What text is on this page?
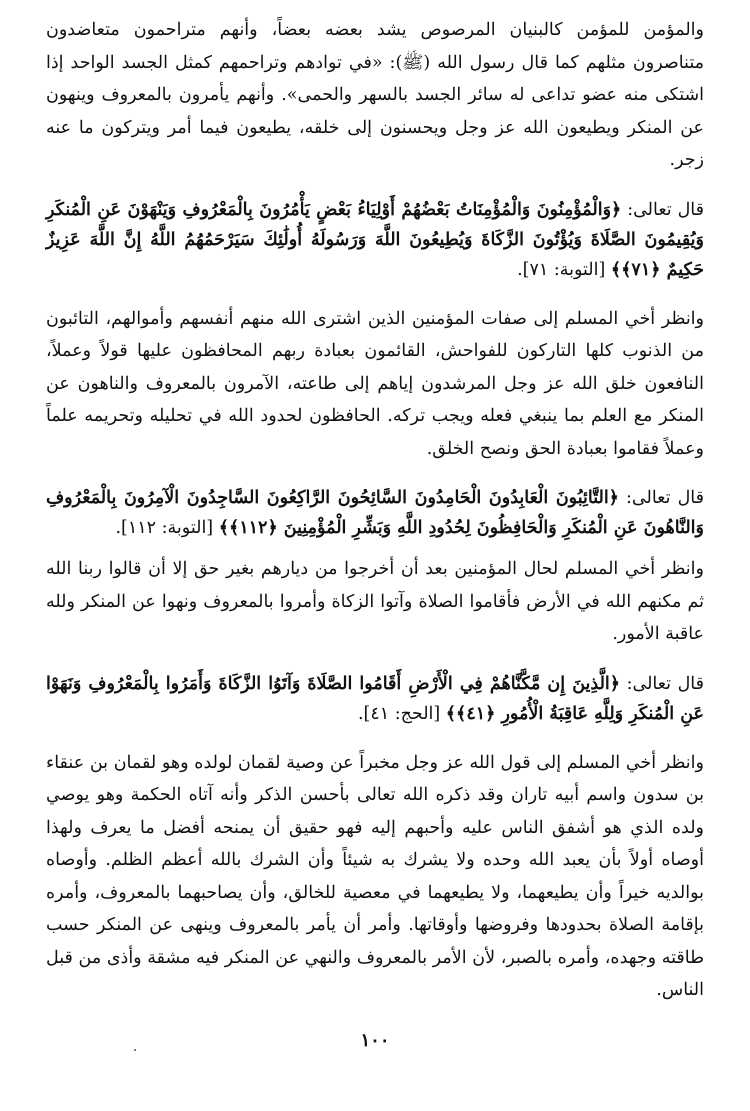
والمؤمن للمؤمن كالبنيان المرصوص يشد بعضه بعضاً، وأنهم متراحمون متعاضدون متناصرون مثلهم كما قال رسول الله (ﷺ): «في توادهم وتراحمهم كمثل الجسد الواحد إذا اشتكى منه عضو تداعى له سائر الجسد بالسهر والحمى». وأنهم يأمرون بالمعروف وينهون عن المنكر ويطيعون الله عز وجل ويحسنون إلى خلقه، يطيعون فيما أمر ويتركون ما عنه زجر.

قال تعالى: ﴿وَالْمُؤْمِنُونَ وَالْمُؤْمِنَاتُ بَعْضُهُمْ أَوْلِيَاءُ بَعْضٍ يَأْمُرُونَ بِالْمَعْرُوفِ وَيَنْهَوْنَ عَنِ الْمُنكَرِ وَيُقِيمُونَ الصَّلَاةَ وَيُؤْتُونَ الزَّكَاةَ وَيُطِيعُونَ اللَّهَ وَرَسُولَهُ أُولَٰئِكَ سَيَرْحَمُهُمُ اللَّهُ إِنَّ اللَّهَ عَزِيزٌ حَكِيمٌ ﴿٧١﴾﴾ [التوبة: ٧١].

وانظر أخي المسلم إلى صفات المؤمنين الذين اشترى الله منهم أنفسهم وأموالهم، التائبون من الذنوب كلها التاركون للفواحش، القائمون بعبادة ربهم المحافظون عليها قولاً وعملاً، النافعون خلق الله عز وجل المرشدون إياهم إلى طاعته، الآمرون بالمعروف والناهون عن المنكر مع العلم بما ينبغي فعله ويجب تركه. الحافظون لحدود الله في تحليله وتحريمه علماً وعملاً فقاموا بعبادة الحق ونصح الخلق.

قال تعالى: ﴿التَّائِبُونَ الْعَابِدُونَ الْحَامِدُونَ السَّائِحُونَ الرَّاكِعُونَ السَّاجِدُونَ الْآمِرُونَ بِالْمَعْرُوفِ وَالنَّاهُونَ عَنِ الْمُنكَرِ وَالْحَافِظُونَ لِحُدُودِ اللَّهِ وَبَشِّرِ الْمُؤْمِنِينَ ﴿١١٢﴾﴾ [التوبة: ١١٢].

وانظر أخي المسلم لحال المؤمنين بعد أن أخرجوا من ديارهم بغير حق إلا أن قالوا ربنا الله ثم مكنهم الله في الأرض فأقاموا الصلاة وآتوا الزكاة وأمروا بالمعروف ونهوا عن المنكر ولله عاقبة الأمور.

قال تعالى: ﴿الَّذِينَ إِن مَّكَّنَّاهُمْ فِي الْأَرْضِ أَقَامُوا الصَّلَاةَ وَآتَوُا الزَّكَاةَ وَأَمَرُوا بِالْمَعْرُوفِ وَنَهَوْا عَنِ الْمُنكَرِ وَلِلَّهِ عَاقِبَةُ الْأُمُورِ ﴿٤١﴾﴾ [الحج: ٤١].

وانظر أخي المسلم إلى قول الله عز وجل مخبراً عن وصية لقمان لولده وهو لقمان بن عنقاء بن سدون واسم أبيه تاران وقد ذكره الله تعالى بأحسن الذكر وأنه آتاه الحكمة وهو يوصي ولده الذي هو أشفق الناس عليه وأحبهم إليه فهو حقيق أن يمنحه أفضل ما يعرف ولهذا أوصاه أولاً بأن يعبد الله وحده ولا يشرك به شيئاً وأن الشرك بالله أعظم الظلم. وأوصاه بوالديه خيراً وأن يطيعهما، ولا يطيعهما في معصية للخالق، وأن يصاحبهما بالمعروف، وأمره بإقامة الصلاة بحدودها وفروضها وأوقاتها. وأمر أن يأمر بالمعروف وينهى عن المنكر حسب طاقته وجهده، وأمره بالصبر، لأن الأمر بالمعروف والنهي عن المنكر فيه مشقة وأذى من قبل الناس.

١٠٠
